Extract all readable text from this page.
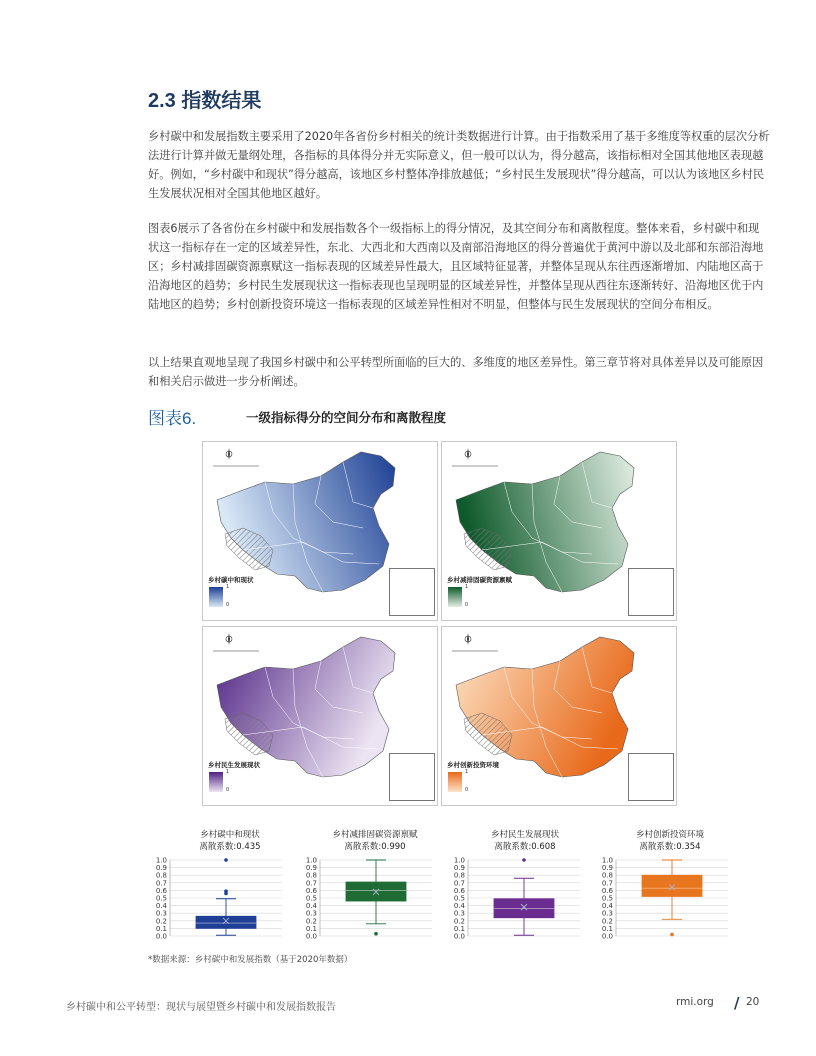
2.3 指数结果
乡村碳中和发展指数主要采用了2020年各省份乡村相关的统计类数据进行计算。由于指数采用了基于多维度等权重的层次分析法进行计算并做无量纲处理，各指标的具体得分并无实际意义，但一般可以认为，得分越高，该指标相对全国其他地区表现越好。例如，“乡村碳中和现状”得分越高，该地区乡村整体净排放越低；“乡村民生发展现状”得分越高，可以认为该地区乡村民生发展状况相对全国其他地区越好。
图表6展示了各省份在乡村碳中和发展指数各个一级指标上的得分情况，及其空间分布和离散程度。整体来看，乡村碳中和现状这一指标存在一定的区域差异性，东北、大西北和大西南以及南部沿海地区的得分普遍优于黄河中游以及北部和东部沿海地区；乡村减排固碳资源禀赋这一指标表现的区域差异性最大，且区域特征显著，并整体呈现从东往西逐渐增加、内陆地区高于沿海地区的趋势；乡村民生发展现状这一指标表现也呈现明显的区域差异性，并整体呈现从西往东逐渐转好、沿海地区优于内陆地区的趋势；乡村创新投资环境这一指标表现的区域差异性相对不明显，但整体与民生发展现状的空间分布相反。
以上结果直观地呈现了我国乡村碳中和公平转型所面临的巨大的、多维度的地区差异性。第三章节将对具体差异以及可能原因和相关启示做进一步分析阐述。
图表6.	一级指标得分的空间分布和离散程度
乡村碳中和现状
1
0
乡村减排固碳资源禀赋
1
0
乡村民生发展现状
1
0
乡村创新投资环境
1
0
乡村碳中和现状
离散系数:0.435
乡村减排固碳资源禀赋
离散系数:0.990
乡村民生发展现状
离散系数:0.608
乡村创新投资环境
离散系数:0.354
1.0
0.9
0.8
0.7
0.6
0.5
0.4
0.3
0.2
0.1
0.0
1.0
0.9
0.8
0.7
0.6
0.5
0.4
0.3
0.2
0.1
0.0
1.0
0.9
0.8
0.7
0.6
0.5
0.4
0.3
0.2
0.1
0.0
1.0
0.9
0.8
0.7
0.6
0.5
0.4
0.3
0.2
0.1
0.0
*数据来源：乡村碳中和发展指数（基于2020年数据）
乡村碳中和公平转型：现状与展望暨乡村碳中和发展指数报告	rmi.org / 20
